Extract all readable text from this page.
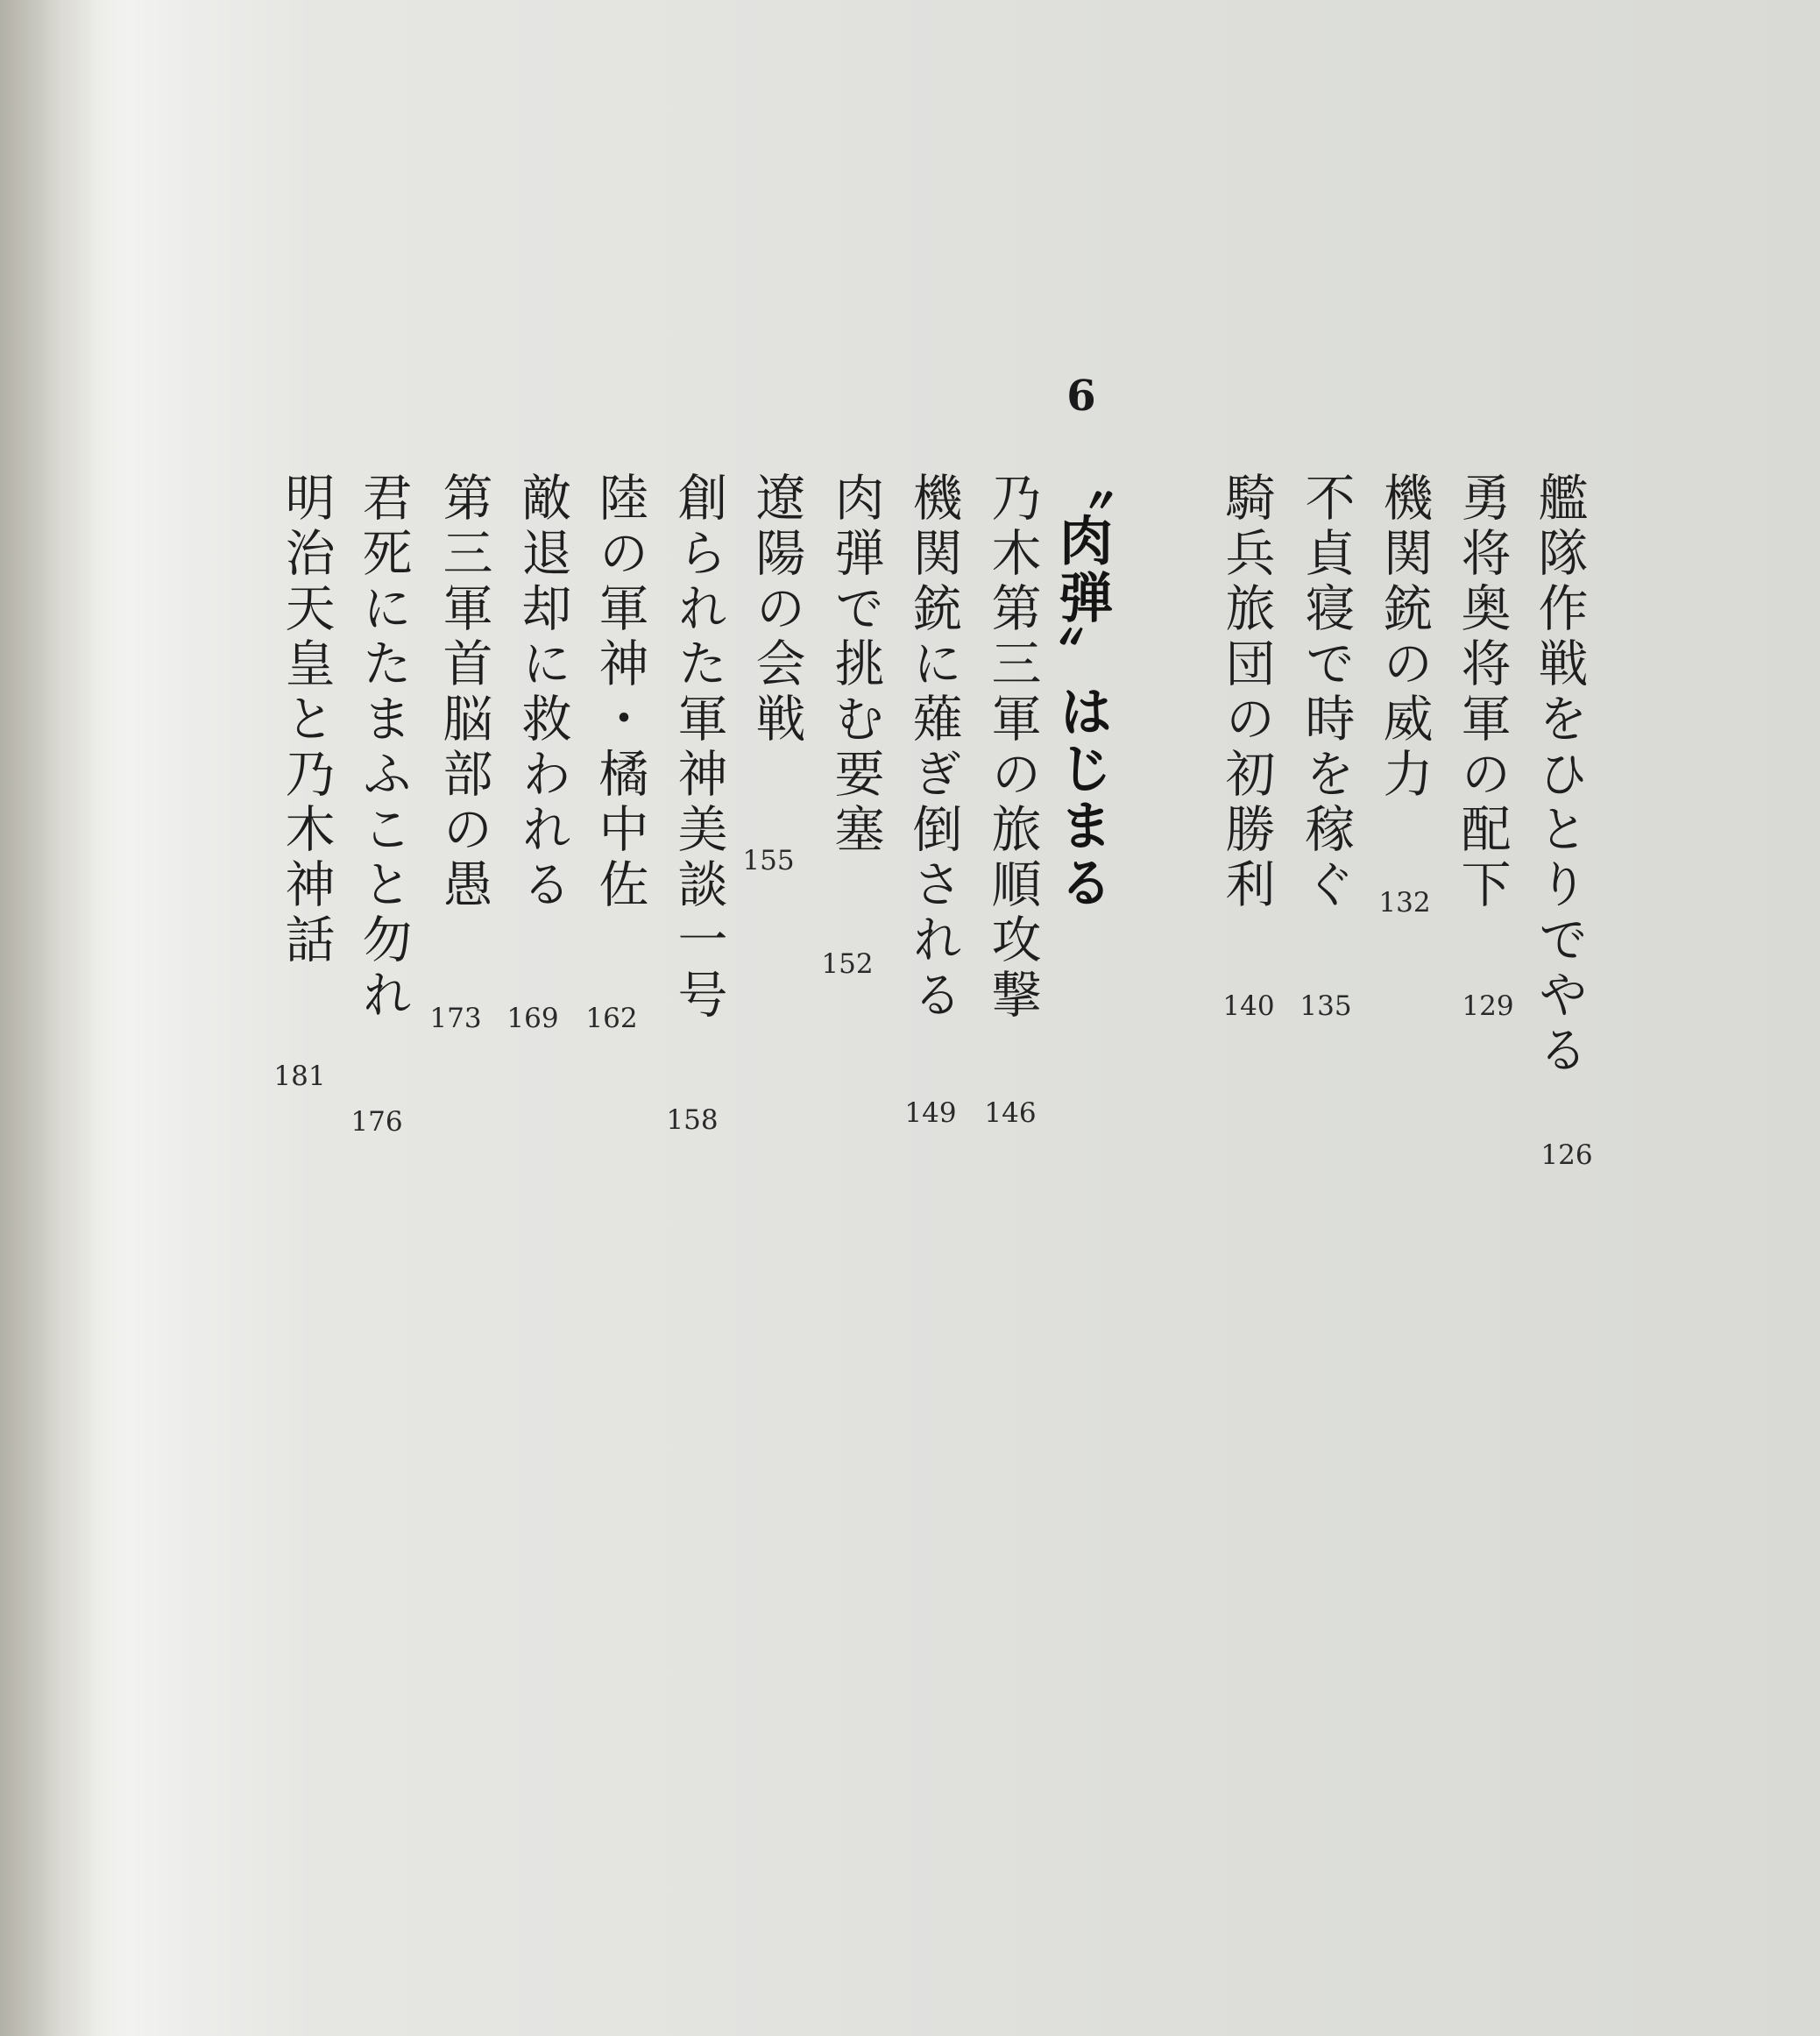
艦隊作戦をひとりでやる
126
勇将奥将軍の配下
129
機関銃の威力
132
不貞寝で時を稼ぐ
135
騎兵旅団の初勝利
140
6
〝肉弾〟はじまる
乃木第三軍の旅順攻撃
146
機関銃に薙ぎ倒される
149
肉弾で挑む要塞
152
遼陽の会戦
155
創られた軍神美談一号
158
陸の軍神・橘中佐
162
敵退却に救われる
169
第三軍首脳部の愚
173
君死にたまふこと勿れ
176
明治天皇と乃木神話
181
